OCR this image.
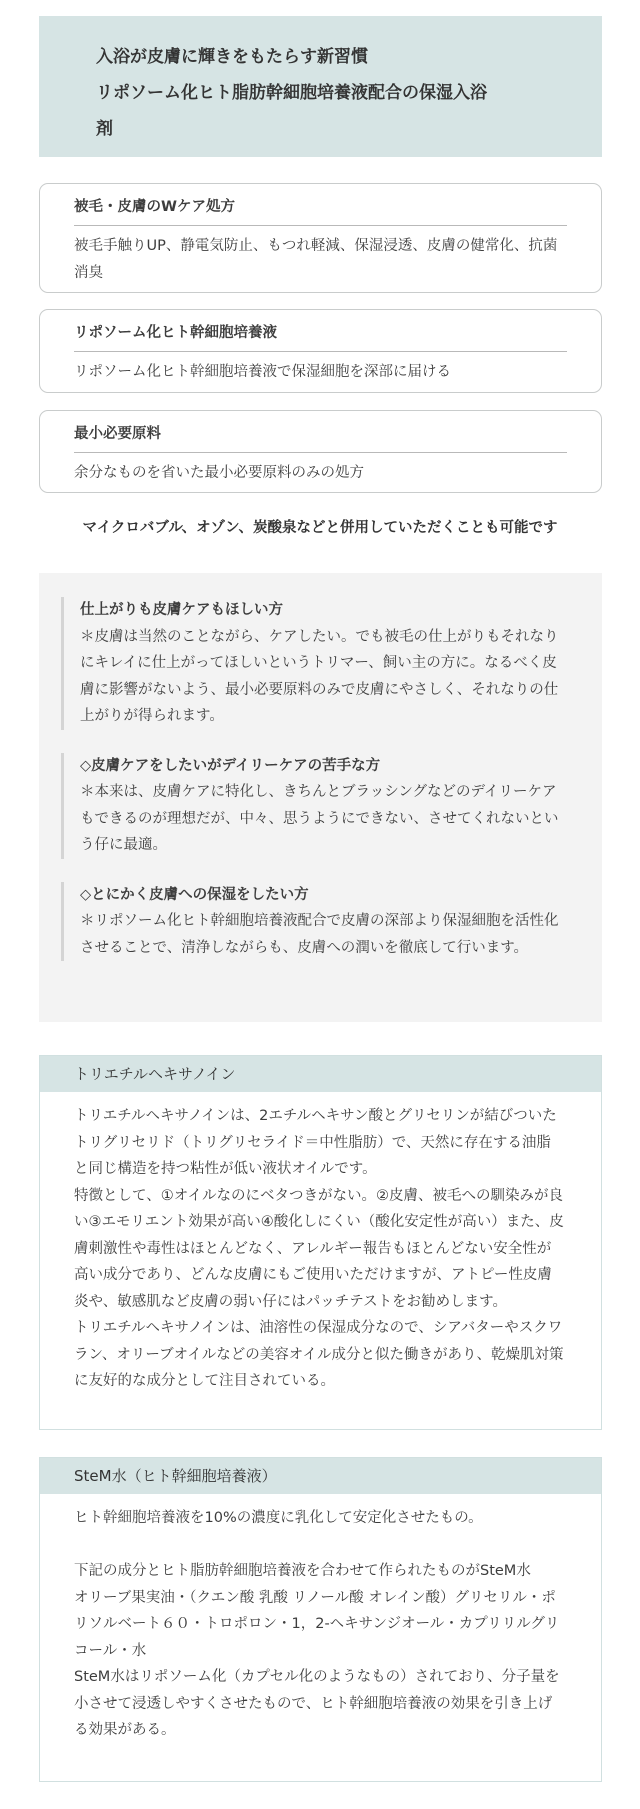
入浴が皮膚に輝きをもたらす新習慣
リポソーム化ヒト脂肪幹細胞培養液配合の保湿入浴
剤
被毛・皮膚のWケア処方
被毛手触りUP、静電気防止、もつれ軽減、保湿浸透、皮膚の健常化、抗菌消臭
リポソーム化ヒト幹細胞培養液
リポソーム化ヒト幹細胞培養液で保湿細胞を深部に届ける
最小必要原料
余分なものを省いた最小必要原料のみの処方
マイクロバブル、オゾン、炭酸泉などと併用していただくことも可能です
仕上がりも皮膚ケアもほしい方
＊皮膚は当然のことながら、ケアしたい。でも被毛の仕上がりもそれなりにキレイに仕上がってほしいというトリマー、飼い主の方に。なるべく皮膚に影響がないよう、最小必要原料のみで皮膚にやさしく、それなりの仕上がりが得られます。
◇皮膚ケアをしたいがデイリーケアの苦手な方
＊本来は、皮膚ケアに特化し、きちんとブラッシングなどのデイリーケアもできるのが理想だが、中々、思うようにできない、させてくれないという仔に最適。
◇とにかく皮膚への保湿をしたい方
＊リポソーム化ヒト幹細胞培養液配合で皮膚の深部より保湿細胞を活性化させることで、清浄しながらも、皮膚への潤いを徹底して行います。
トリエチルヘキサノイン

トリエチルヘキサノインは、2エチルヘキサン酸とグリセリンが結びついたトリグリセリド（トリグリセライド＝中性脂肪）で、天然に存在する油脂と同じ構造を持つ粘性が低い液状オイルです。

特徴として、①オイルなのにベタつきがない。②皮膚、被毛への馴染みが良い③エモリエント効果が高い④酸化しにくい（酸化安定性が高い）また、皮膚刺激性や毒性はほとんどなく、アレルギー報告もほとんどない安全性が高い成分であり、どんな皮膚にもご使用いただけますが、アトピー性皮膚炎や、敏感肌など皮膚の弱い仔にはパッチテストをお勧めします。

トリエチルヘキサノインは、油溶性の保湿成分なので、シアバターやスクワラン、オリーブオイルなどの美容オイル成分と似た働きがあり、乾燥肌対策に友好的な成分として注目されている。

SteM水（ヒト幹細胞培養液）

ヒト幹細胞培養液を10%の濃度に乳化して安定化させたもの。

下記の成分とヒト脂肪幹細胞培養液を合わせて作られたものがSteM水

オリーブ果実油・（クエン酸 乳酸 リノール酸 オレイン酸）グリセリル・ポリソルベート６０・トロポロン・1，2-ヘキサンジオール・カプリリルグリコール・水

SteM水はリポソーム化（カプセル化のようなもの）されており、分子量を小させて浸透しやすくさせたもので、ヒト幹細胞培養液の効果を引き上げる効果がある。
